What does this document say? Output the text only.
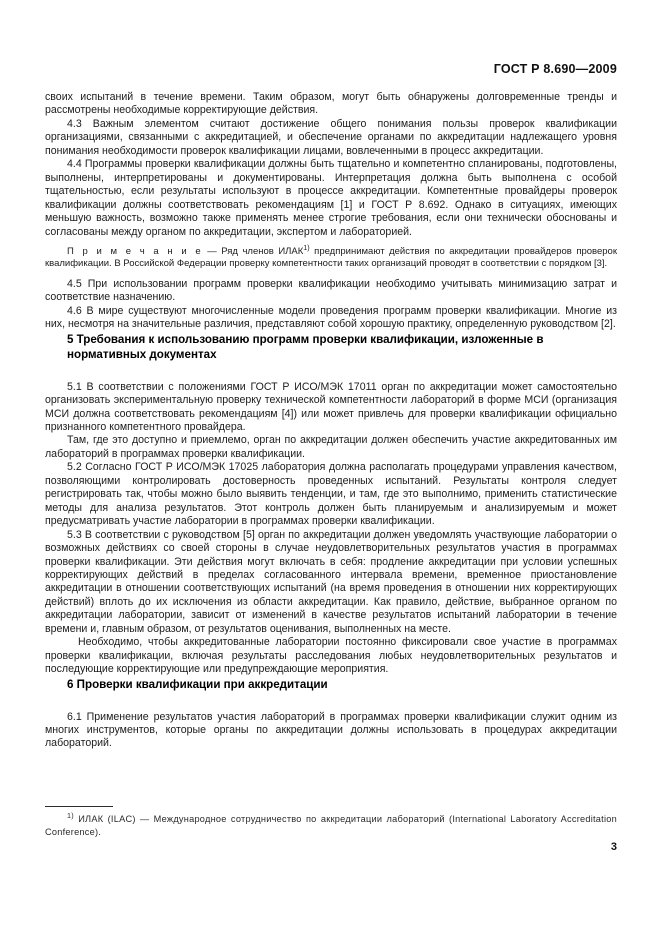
ГОСТ Р 8.690—2009

своих испытаний в течение времени. Таким образом, могут быть обнаружены долговременные тренды и рассмотрены необходимые корректирующие действия.

4.3 Важным элементом считают достижение общего понимания пользы проверок квалификации организациями, связанными с аккредитацией, и обеспечение органами по аккредитации надлежащего уровня понимания необходимости проверок квалификации лицами, вовлеченными в процесс аккредитации.

4.4 Программы проверки квалификации должны быть тщательно и компетентно спланированы, подготовлены, выполнены, интерпретированы и документированы. Интерпретация должна быть выполнена с особой тщательностью, если результаты используют в процессе аккредитации. Компетентные провайдеры проверок квалификации должны соответствовать рекомендациям [1] и ГОСТ Р 8.692. Однако в ситуациях, имеющих меньшую важность, возможно также применять менее строгие требования, если они технически обоснованы и согласованы между органом по аккредитации, экспертом и лабораторией.

П р и м е ч а н и е — Ряд членов ИЛАК$^{1)}$ предпринимают действия по аккредитации провайдеров проверок квалификации. В Российской Федерации проверку компетентности таких организаций проводят в соответствии с порядком [3].

4.5 При использовании программ проверки квалификации необходимо учитывать минимизацию затрат и соответствие назначению.

4.6 В мире существуют многочисленные модели проведения программ проверки квалификации. Многие из них, несмотря на значительные различия, представляют собой хорошую практику, определенную руководством [2].

5 Требования к использованию программ проверки квалификации, изложенные в нормативных документах

5.1 В соответствии с положениями ГОСТ Р ИСО/МЭК 17011 орган по аккредитации может самостоятельно организовать экспериментальную проверку технической компетентности лабораторий в форме МСИ (организация МСИ должна соответствовать рекомендациям [4]) или может привлечь для проверки квалификации официально признанного компетентного провайдера.

Там, где это доступно и приемлемо, орган по аккредитации должен обеспечить участие аккредитованных им лабораторий в программах проверки квалификации.

5.2 Согласно ГОСТ Р ИСО/МЭК 17025 лаборатория должна располагать процедурами управления качеством, позволяющими контролировать достоверность проведенных испытаний. Результаты контроля следует регистрировать так, чтобы можно было выявить тенденции, и там, где это выполнимо, применить статистические методы для анализа результатов. Этот контроль должен быть планируемым и анализируемым и может предусматривать участие лаборатории в программах проверки квалификации.

5.3 В соответствии с руководством [5] орган по аккредитации должен уведомлять участвующие лаборатории о возможных действиях со своей стороны в случае неудовлетворительных результатов участия в программах проверки квалификации. Эти действия могут включать в себя: продление аккредитации при условии успешных корректирующих действий в пределах согласованного интервала времени, временное приостановление аккредитации в отношении соответствующих испытаний (на время проведения в отношении них корректирующих действий) вплоть до их исключения из области аккредитации. Как правило, действие, выбранное органом по аккредитации лаборатории, зависит от изменений в качестве результатов испытаний лаборатории в течение времени и, главным образом, от результатов оценивания, выполненных на месте.

Необходимо, чтобы аккредитованные лаборатории постоянно фиксировали свое участие в программах проверки квалификации, включая результаты расследования любых неудовлетворительных результатов и последующие корректирующие или предупреждающие мероприятия.

6 Проверки квалификации при аккредитации

6.1 Применение результатов участия лабораторий в программах проверки квалификации служит одним из многих инструментов, которые органы по аккредитации должны использовать в процедурах аккредитации лабораторий.

$^{1)}$ ИЛАК (ILAC) — Международное сотрудничество по аккредитации лабораторий (International Laboratory Accreditation Conference).

3
